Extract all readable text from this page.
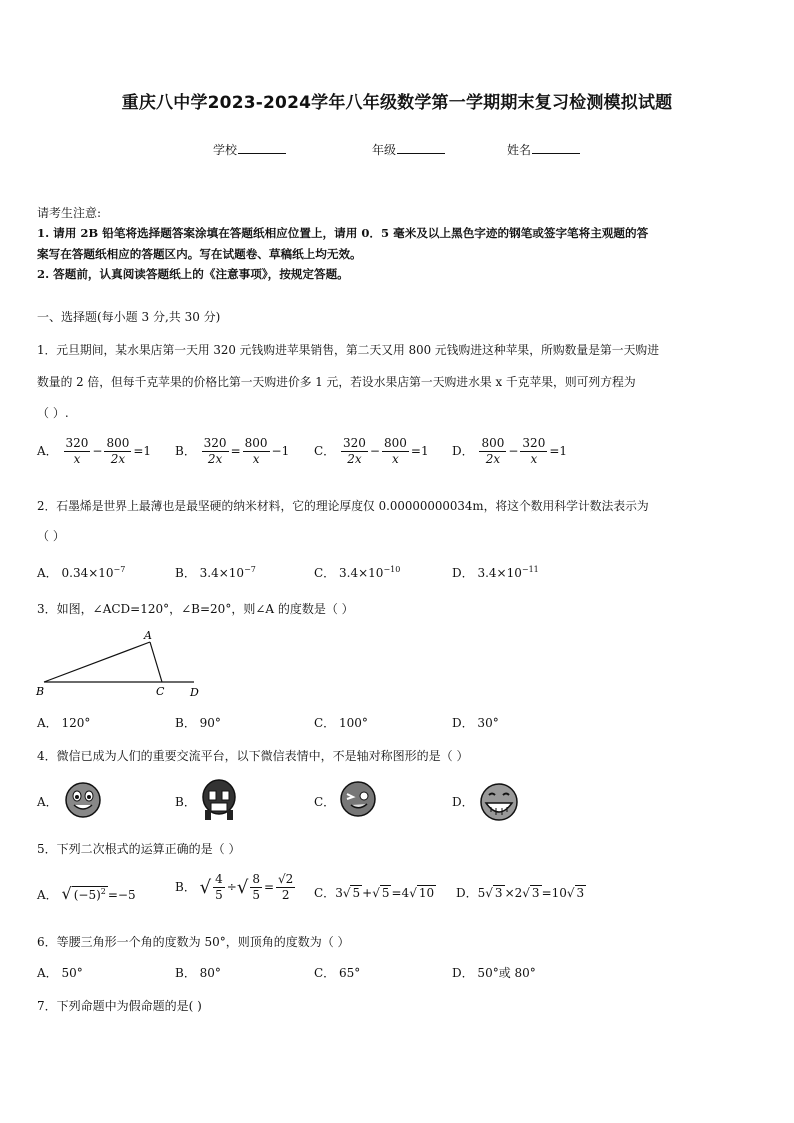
重庆八中学2023-2024学年八年级数学第一学期期末复习检测模拟试题
学校	年级	姓名
请考生注意:
1. 请用 2B 铅笔将选择题答案涂填在答题纸相应位置上，请用 0．5 毫米及以上黑色字迹的钢笔或签字笔将主观题的答
案写在答题纸相应的答题区内。写在试题卷、草稿纸上均无效。
2. 答题前，认真阅读答题纸上的《注意事项》，按规定答题。
一、选择题(每小题 3 分,共 30 分)
1．元旦期间，某水果店第一天用 320 元钱购进苹果销售，第二天又用 800 元钱购进这种苹果，所购数量是第一天购进
数量的 2 倍，但每千克苹果的价格比第一天购进价多 1 元，若设水果店第一天购进水果 x 千克苹果，则可列方程为
（ ）.
A． $\frac{320}{x} - \frac{800}{2x} =1$ B． $\frac{320}{2x} = \frac{800}{x} -1$ C． $\frac{320}{2x} - \frac{800}{x} =1$ D． $\frac{800}{2x} - \frac{320}{x} =1$
2．石墨烯是世界上最薄也是最坚硬的纳米材料，它的理论厚度仅 0.00000000034m，将这个数用科学计数法表示为
（ ）
A． $0.34\times 10^{-7}$	B． $3.4\times 10^{-7}$	C． $3.4\times 10^{-10}$	D． $3.4\times 10^{-11}$
3．如图，∠ACD=120°，∠B=20°，则∠A 的度数是（ ）
A
B	C D
A． 120°	B． 90°	C． 100°	D． 30°
4．微信已成为人们的重要交流平台，以下微信表情中，不是轴对称图形的是（ ）
A．	B．	C．	D．
5．下列二次根式的运算正确的是（ ）
A． √ $(-5)^2 =-5$
B． √ $\frac{4}{5}$ ÷√ $\frac{8}{5} = \frac{√2}{2}$ C．3√ 5 +√ 5 =4√ 10 D．5√ 3 ×2√ 3 =10√ 3
6．等腰三角形一个角的度数为 50°，则顶角的度数为（ ）
A． 50°	B． 80°	C． 65°	D． 50°或 80°
7．下列命题中为假命题的是( )
